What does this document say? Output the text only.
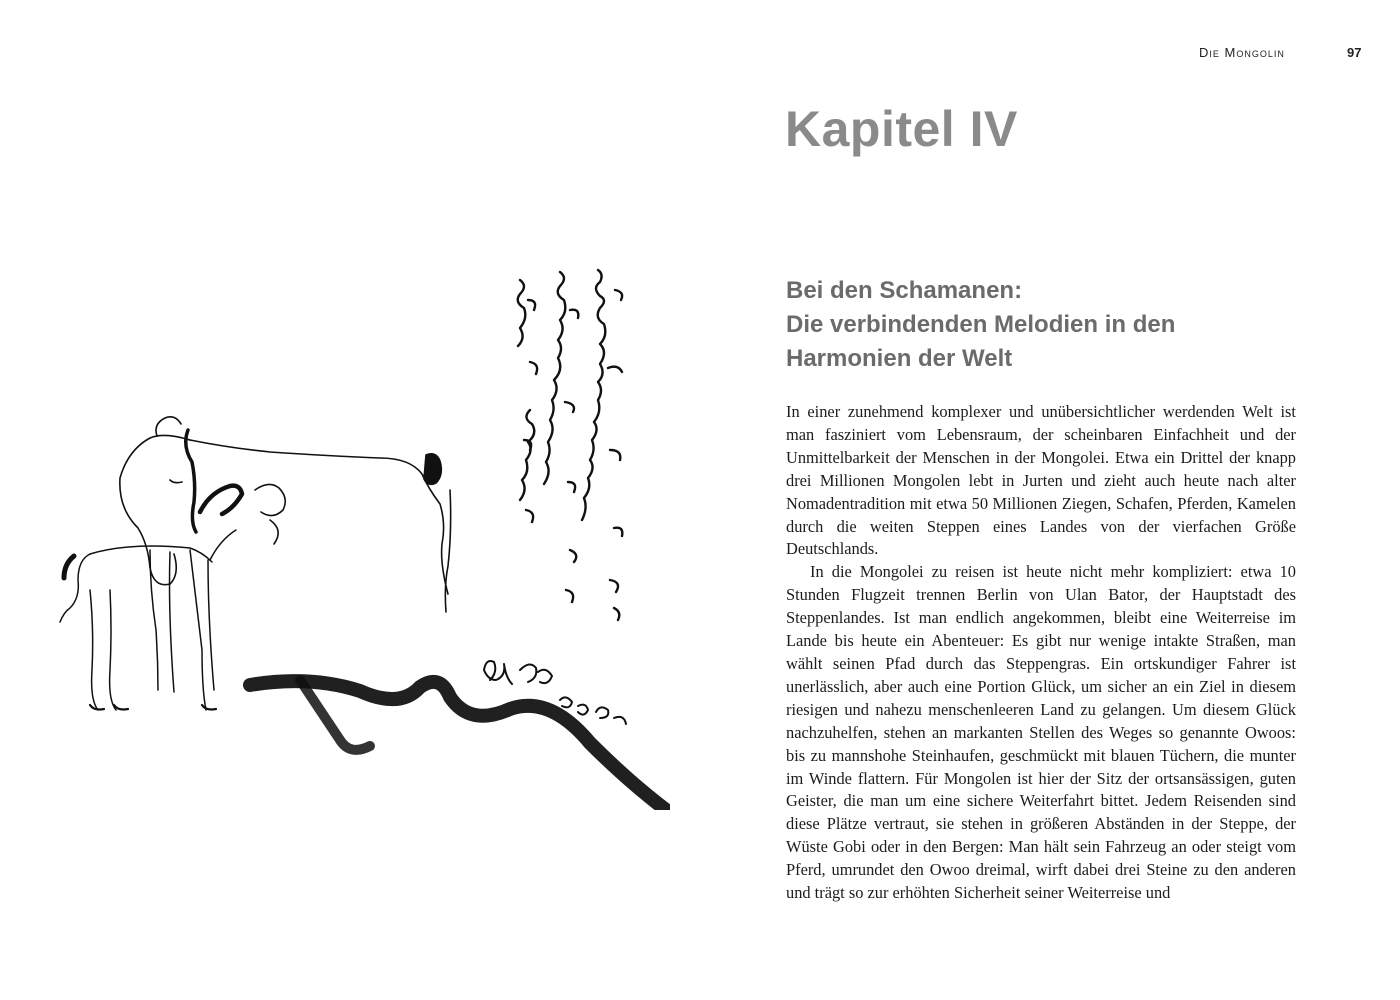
Die Mongolin	97
Kapitel IV
Bei den Schamanen:
Die verbindenden Melodien in den
Harmonien der Welt

In einer zunehmend komplexer und unübersichtlicher werdenden Welt ist man fasziniert vom Lebensraum, der scheinbaren Einfachheit und der Unmittelbarkeit der Menschen in der Mongolei. Etwa ein Drittel der knapp drei Millionen Mongolen lebt in Jurten und zieht auch heute nach alter Nomadentradition mit etwa 50 Millionen Ziegen, Schafen, Pferden, Kamelen durch die weiten Steppen eines Landes von der vierfachen Größe Deutschlands.

In die Mongolei zu reisen ist heute nicht mehr kompliziert: etwa 10 Stunden Flugzeit trennen Berlin von Ulan Bator, der Hauptstadt des Steppenlandes. Ist man endlich angekommen, bleibt eine Weiterreise im Lande bis heute ein Abenteuer: Es gibt nur wenige intakte Straßen, man wählt seinen Pfad durch das Steppengras. Ein ortskundiger Fahrer ist unerlässlich, aber auch eine Portion Glück, um sicher an ein Ziel in diesem riesigen und nahezu menschenleeren Land zu gelangen. Um diesem Glück nachzuhelfen, stehen an markanten Stellen des Weges so genannte Owoos: bis zu mannshohe Steinhaufen, geschmückt mit blauen Tüchern, die munter im Winde flattern. Für Mongolen ist hier der Sitz der ortsansässigen, guten Geister, die man um eine sichere Weiterfahrt bittet. Jedem Reisenden sind diese Plätze vertraut, sie stehen in größeren Abständen in der Steppe, der Wüste Gobi oder in den Bergen: Man hält sein Fahrzeug an oder steigt vom Pferd, umrundet den Owoo dreimal, wirft dabei drei Steine zu den anderen und trägt so zur erhöhten Sicherheit seiner Weiterreise und
